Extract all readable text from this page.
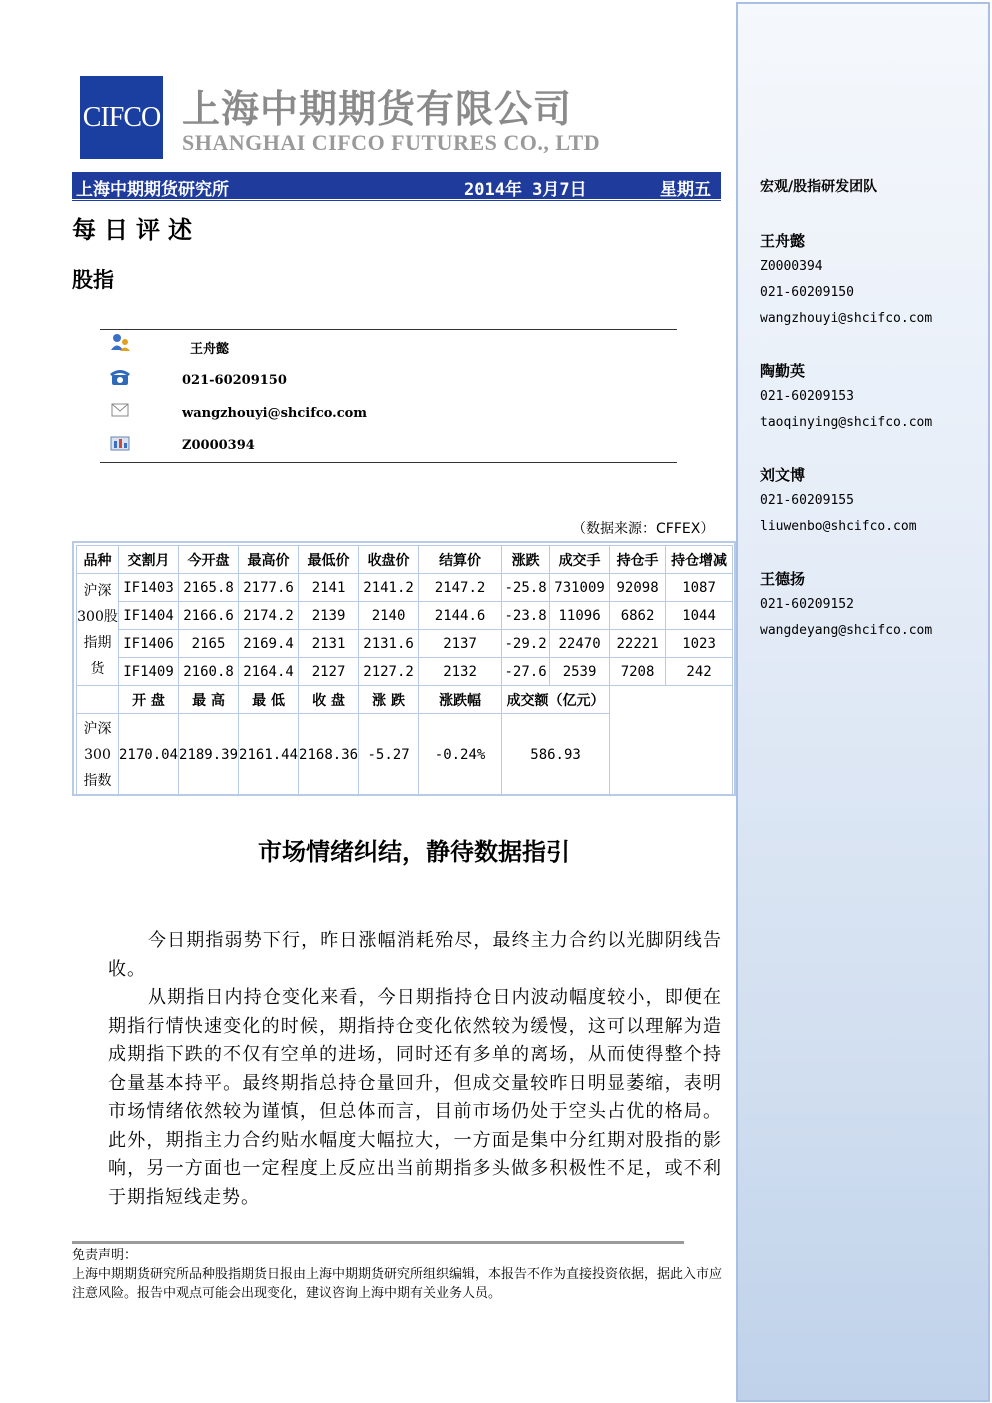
CIFCO 上海中期期货有限公司
SHANGHAI CIFCO FUTURES CO., LTD
上海中期期货研究所	2014年 3月7日	星期五
每日评述
股指
王舟懿
021-60209150
wangzhouyi@shcifco.com
Z0000394
（数据来源：CFFEX）
品种	交割月	今开盘	最高价	最低价	收盘价	结算价	涨跌	成交手	持仓手	持仓增减

沪深
300股
指期
货	IF1403	2165.8	2177.6	2141	2141.2	2147.2	-25.8	731009	92098	1087
	IF1404	2166.6	2174.2	2139	2140	2144.6	-23.8	11096	6862	1044
	IF1406	2165	2169.4	2131	2131.6	2137	-29.2	22470	22221	1023
	IF1409	2160.8	2164.4	2127	2127.2	2132	-27.6	2539	7208	242
	开 盘	最 高	最 低	收 盘	涨 跌	涨跌幅	成交额（亿元）			

沪深
300
指数	2170.04	2189.39	2161.44	2168.36	-5.27	-0.24%	586.93			
市场情绪纠结，静待数据指引

今日期指弱势下行，昨日涨幅消耗殆尽，最终主力合约以光脚阴线告收。

从期指日内持仓变化来看，今日期指持仓日内波动幅度较小，即便在期指行情快速变化的时候，期指持仓变化依然较为缓慢，这可以理解为造成期指下跌的不仅有空单的进场，同时还有多单的离场，从而使得整个持仓量基本持平。最终期指总持仓量回升，但成交量较昨日明显萎缩，表明市场情绪依然较为谨慎，但总体而言，目前市场仍处于空头占优的格局。此外，期指主力合约贴水幅度大幅拉大，一方面是集中分红期对股指的影响，另一方面也一定程度上反应出当前期指多头做多积极性不足，或不利于期指短线走势。

免责声明：
上海中期期货研究所品种股指期货日报由上海中期期货研究所组织编辑，本报告不作为直接投资依据，据此入市应注意风险。报告中观点可能会出现变化，建议咨询上海中期有关业务人员。
宏观/股指研发团队
王舟懿
Z0000394
021-60209150
wangzhouyi@shcifco.com
陶勤英
021-60209153
taoqinying@shcifco.com
刘文博
021-60209155
liuwenbo@shcifco.com
王德扬
021-60209152
wangdeyang@shcifco.com
